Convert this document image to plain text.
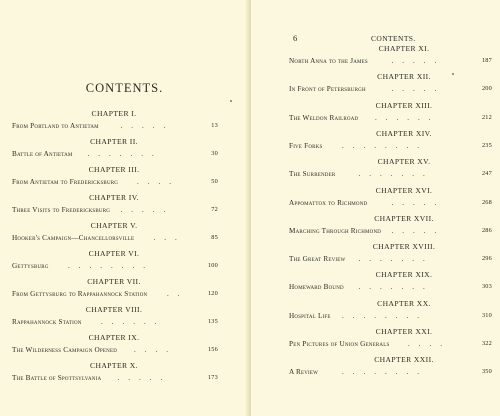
CONTENTS.
CHAPTER I.
From Portland to Antietam	.....	13
CHAPTER II.
Battle of Antietam .......	30
CHAPTER III.
From Antietam to Fredericksburg	....	50
CHAPTER IV.
Three Visits to Fredericksburg .....	72
CHAPTER V.
Hooker's Campaign—Chancellorsville	...	85
CHAPTER VI.
Gettysburg	........	100
CHAPTER VII.
From Gettysburg to Rappahannock Station	..	120
CHAPTER VIII.
Rappahannock Station	......	135
CHAPTER IX.
The Wilderness Campaign Opened ....	156
CHAPTER X.
The Battle of Spottsylvania .....	173
6	CONTENTS.
CHAPTER XI.
North Anna to the James	.....	187
CHAPTER XII.
In Front of Petersburgh	.....	200
CHAPTER XIII.
The Weldon Railroad ......	212
CHAPTER XIV.
Five Forks	........	235
CHAPTER XV.
The Surrender	.......	247
CHAPTER XVI.
Appomattox to Richmond	.....	268
CHAPTER XVII.
Marching Through Richmond .....	286
CHAPTER XVIII.
The Great Review .......	296
CHAPTER XIX.
Homeward Bound .......	303
CHAPTER XX.
Hospital Life ........	310
CHAPTER XXI.
Pen Pictures of Union Generals	....	322
CHAPTER XXII.
A Review	........	350
